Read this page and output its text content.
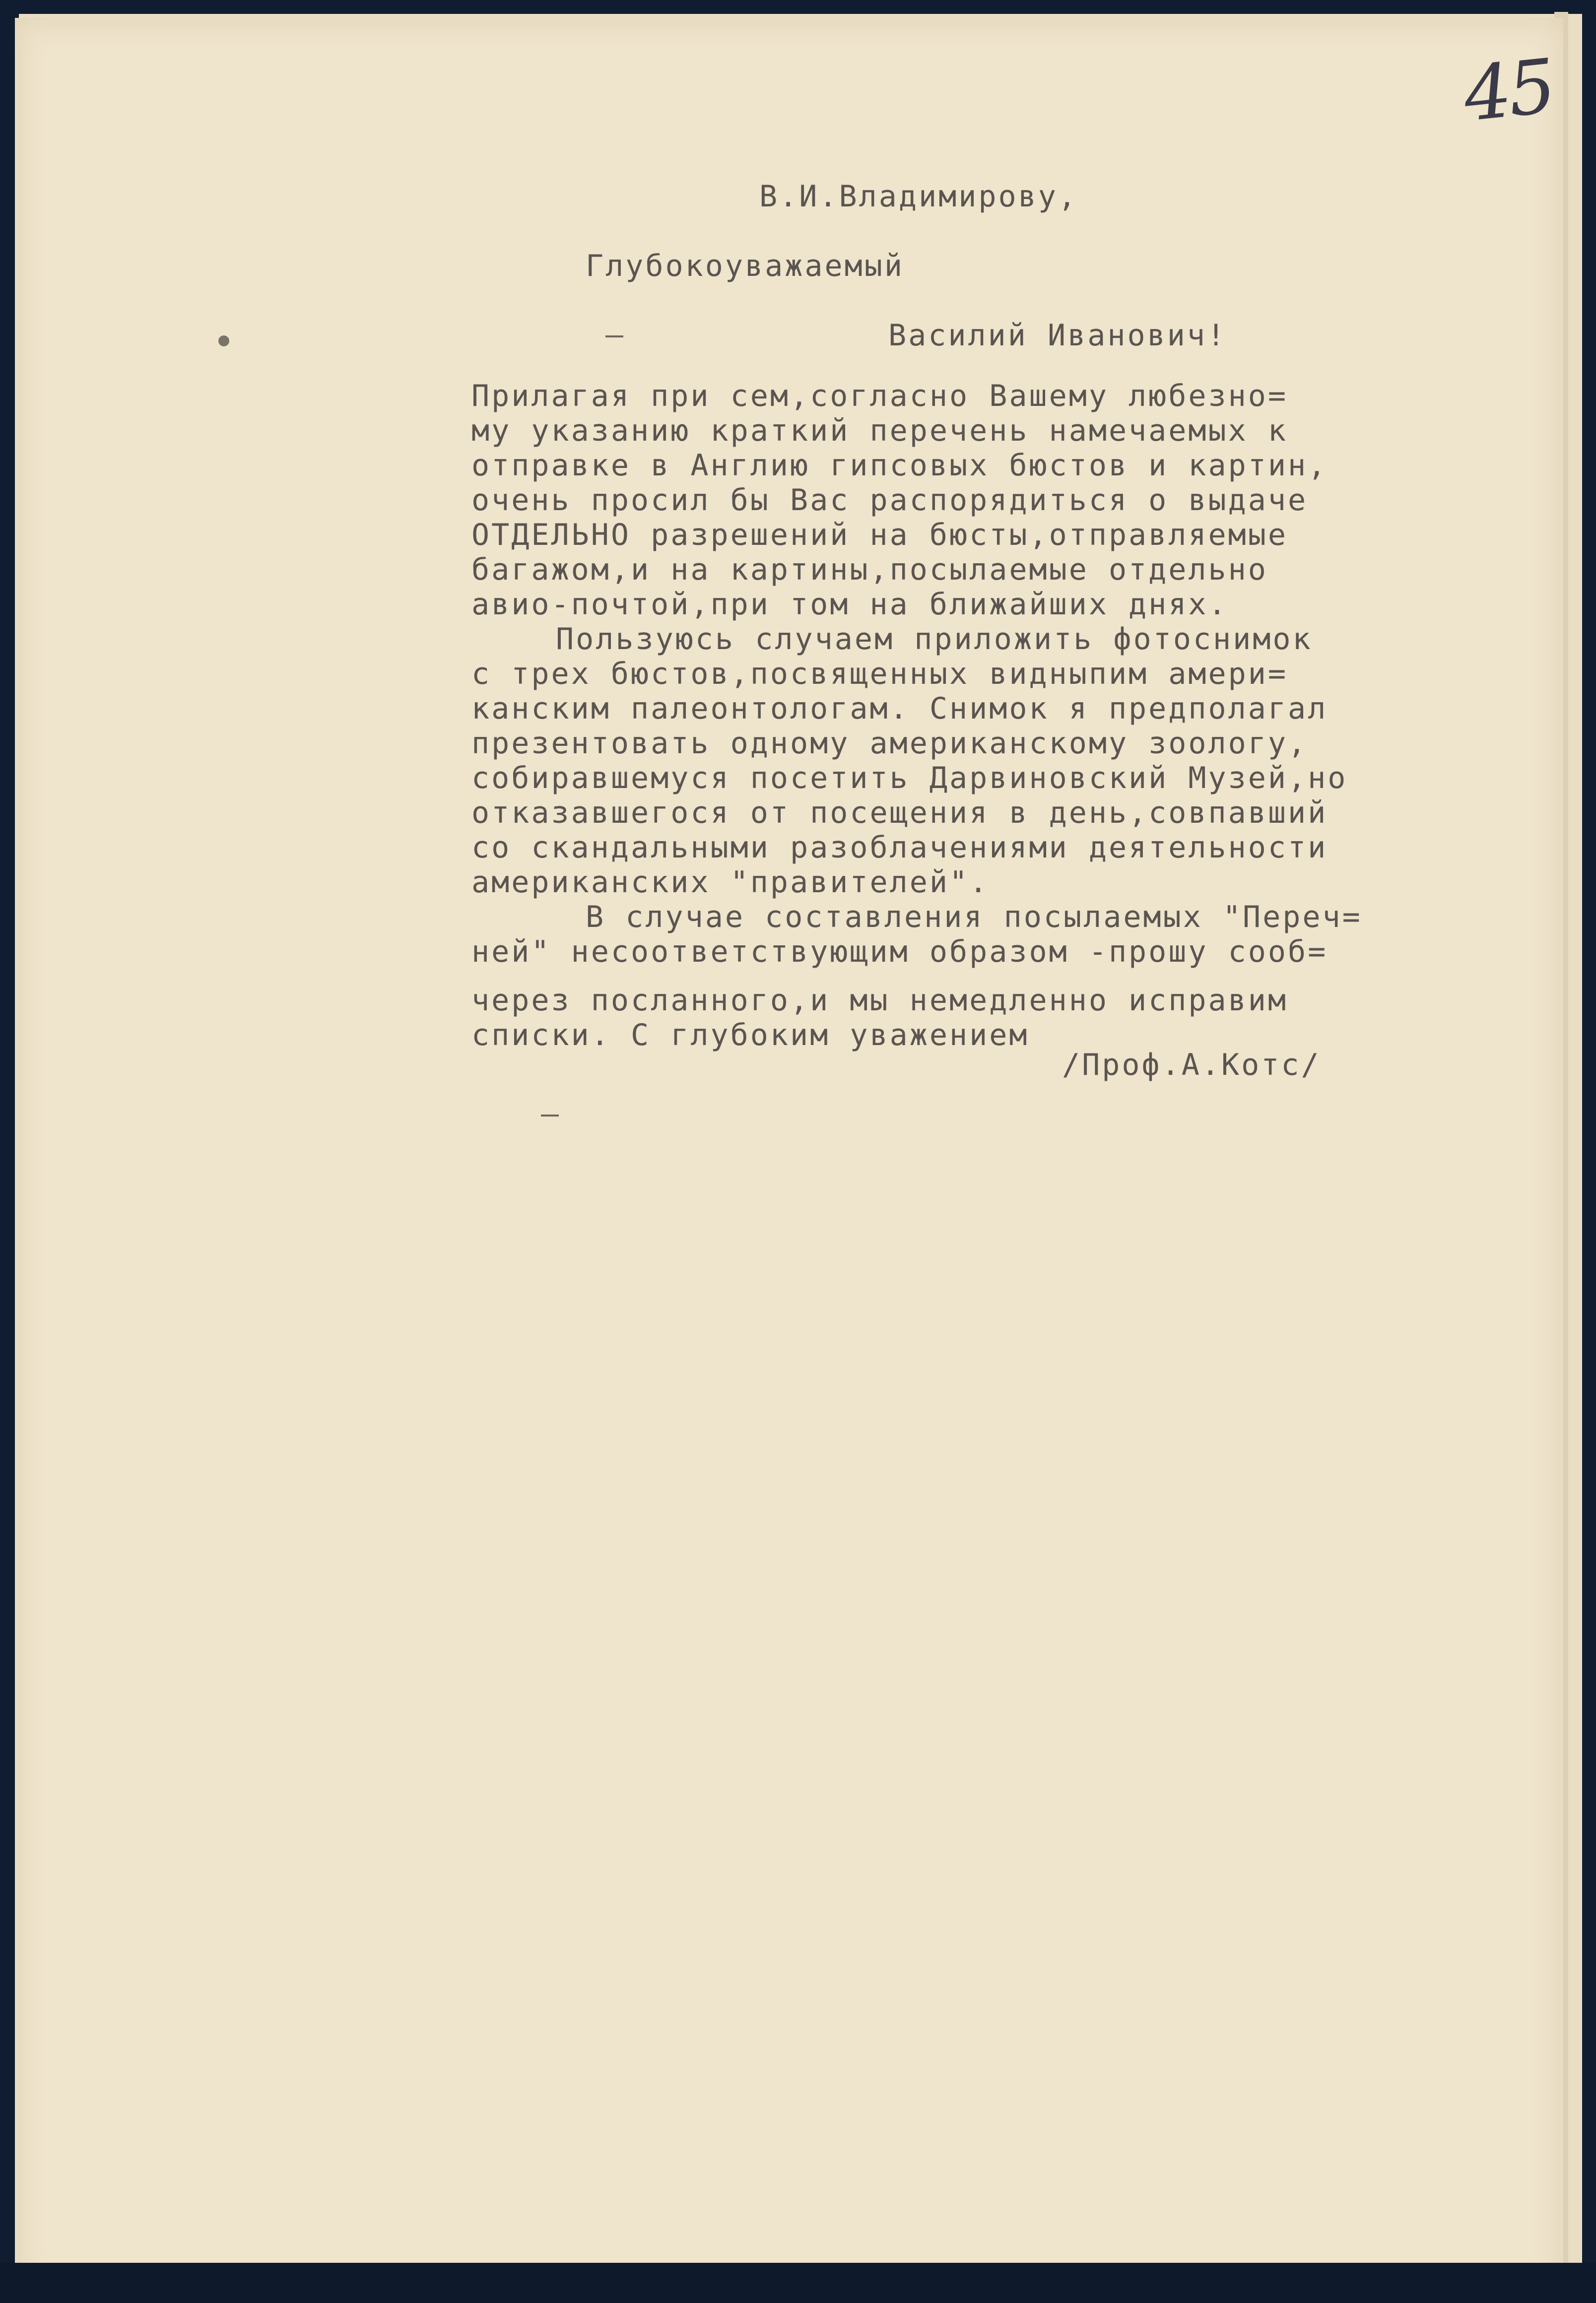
45
В.И.Владимирову,
Глубокоуважаемый
Василий Иванович!
Прилагая при сем,согласно Вашему любезно=
му указанию краткий перечень намечаемых к
отправке в Англию гипсовых бюстов и картин,
очень просил бы Вас распорядиться о выдаче
ОТДЕЛЬНО разрешений на бюсты,отправляемые
багажом,и на картины,посылаемые отдельно
авио-почтой,при том на ближайших днях.
Пользуюсь случаем приложить фотоснимок
с трех бюстов,посвященных видныпим амери=
канским палеонтологам. Снимок я предполагал
презентовать одному американскому зоологу,
собиравшемуся посетить Дарвиновский Музей,но
отказавшегося от посещения в день,совпавший
со скандальными разоблачениями деятельности
американских "правителей".
В случае составления посылаемых "Переч=
ней" несоответствующим образом -прошу сооб=
через посланного,и мы немедленно исправим
списки. С глубоким уважением
/Проф.А.Котс/
